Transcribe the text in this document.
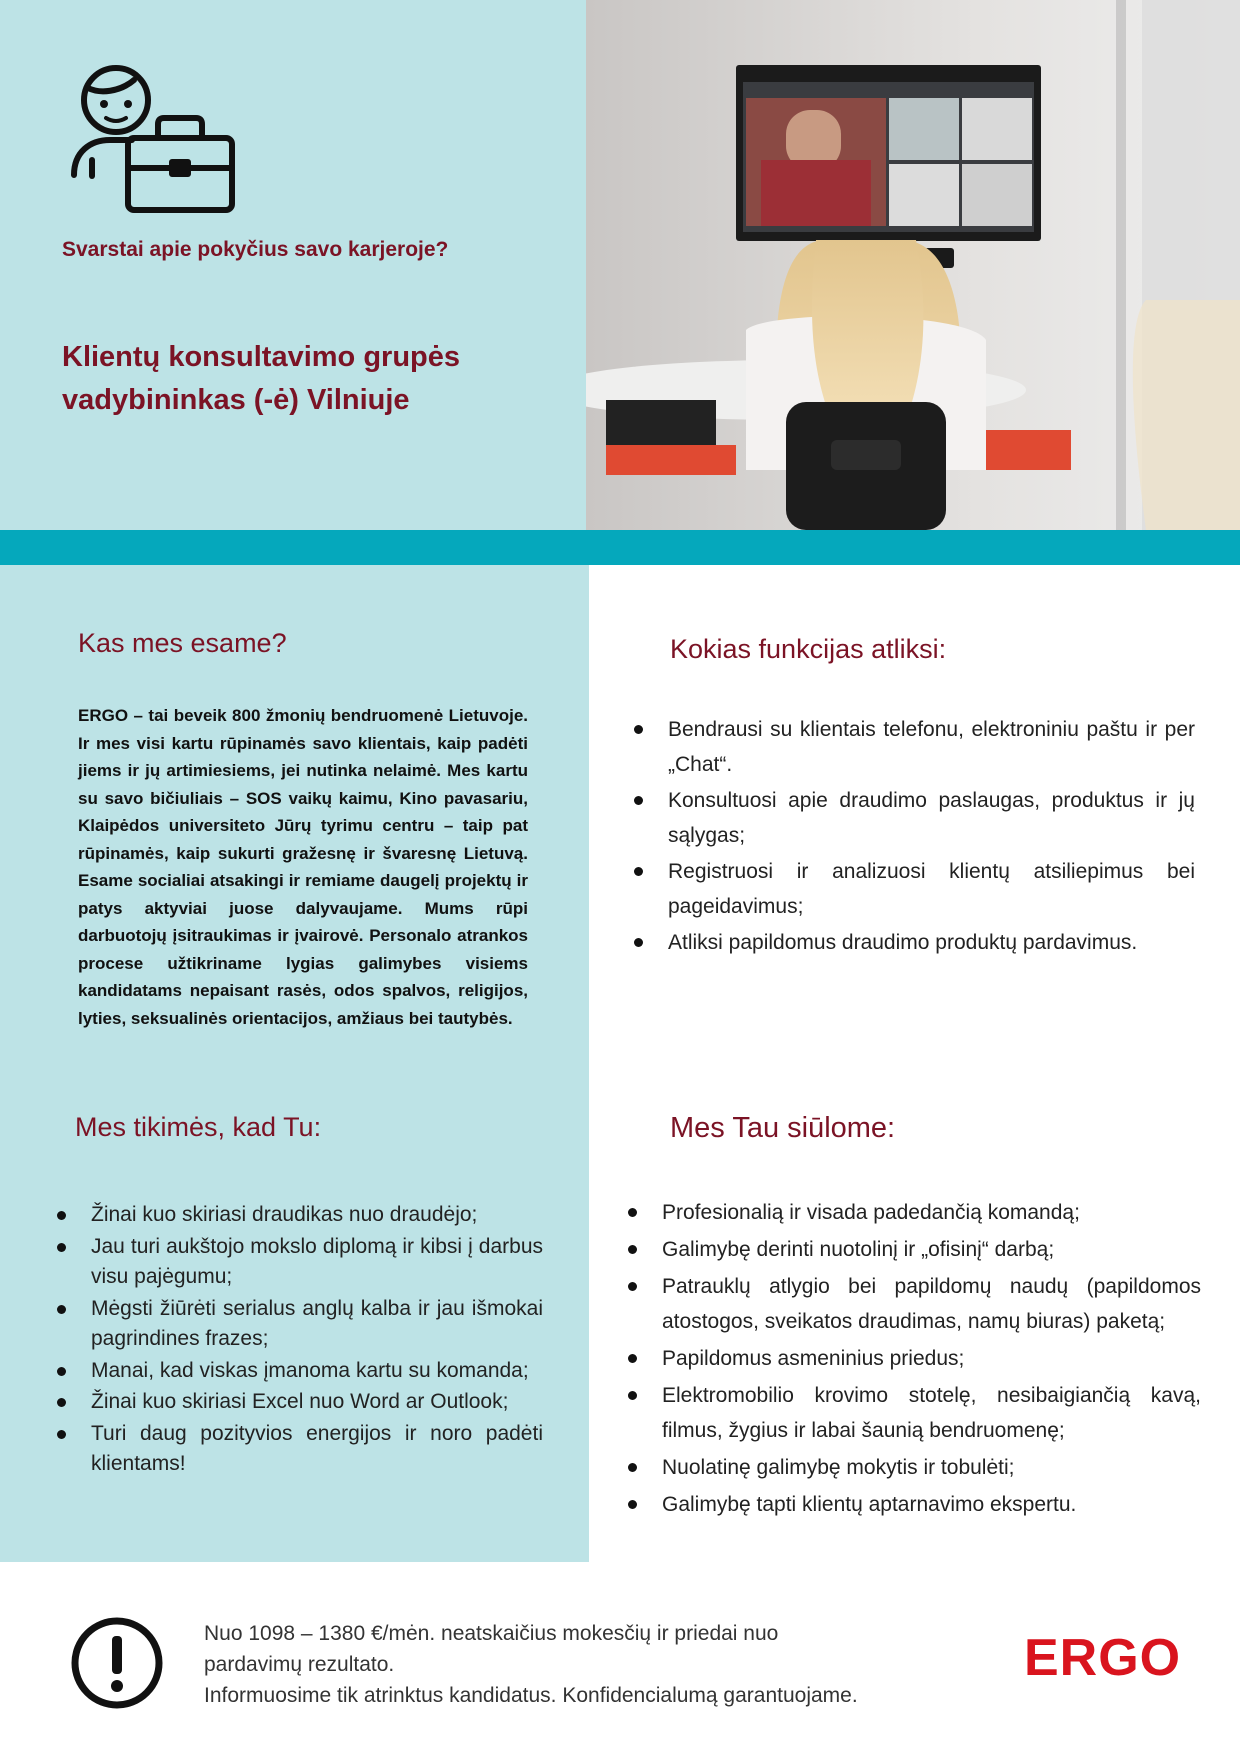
Svarstai apie pokyčius savo karjeroje?
Klientų konsultavimo grupės
vadybininkas (-ė) Vilniuje
Kas mes esame?
ERGO – tai beveik 800 žmonių bendruomenė Lietuvoje. Ir mes visi kartu rūpinamės savo klientais, kaip padėti jiems ir jų artimiesiems, jei nutinka nelaimė. Mes kartu su savo bičiuliais – SOS vaikų kaimu, Kino pavasariu, Klaipėdos universiteto Jūrų tyrimu centru – taip pat rūpinamės, kaip sukurti gražesnę ir švaresnę Lietuvą. Esame socialiai atsakingi ir remiame daugelį projektų ir patys aktyviai juose dalyvaujame. Mums rūpi darbuotojų įsitraukimas ir įvairovė. Personalo atrankos procese užtikriname lygias galimybes visiems kandidatams nepaisant rasės, odos spalvos, religijos, lyties, seksualinės orientacijos, amžiaus bei tautybės.
Mes tikimės, kad Tu:
Žinai kuo skiriasi draudikas nuo draudėjo;
Jau turi aukštojo mokslo diplomą ir kibsi į darbus visu pajėgumu;
Mėgsti žiūrėti serialus anglų kalba ir jau išmokai pagrindines frazes;
Manai, kad viskas įmanoma kartu su komanda;
Žinai kuo skiriasi Excel nuo Word ar Outlook;
Turi daug pozityvios energijos ir noro padėti klientams!
Kokias funkcijas atliksi:
Bendrausi su klientais telefonu, elektroniniu paštu ir per „Chat“.
Konsultuosi apie draudimo paslaugas, produktus ir jų sąlygas;
Registruosi ir analizuosi klientų atsiliepimus bei pageidavimus;
Atliksi papildomus draudimo produktų pardavimus.
Mes Tau siūlome:
Profesionalią ir visada padedančią komandą;
Galimybę derinti nuotolinį ir „ofisinį“ darbą;
Patrauklų atlygio bei papildomų naudų (papildomos atostogos, sveikatos draudimas, namų biuras) paketą;
Papildomus asmeninius priedus;
Elektromobilio krovimo stotelę, nesibaigiančią kavą, filmus, žygius ir labai šaunią bendruomenę;
Nuolatinę galimybę mokytis ir tobulėti;
Galimybę tapti klientų aptarnavimo ekspertu.

Nuo 1098 – 1380 €/mėn. neatskaičius mokesčių ir priedai nuo

pardavimų rezultato.

Informuosime tik atrinktus kandidatus. Konfidencialumą garantuojame.

ERGO
